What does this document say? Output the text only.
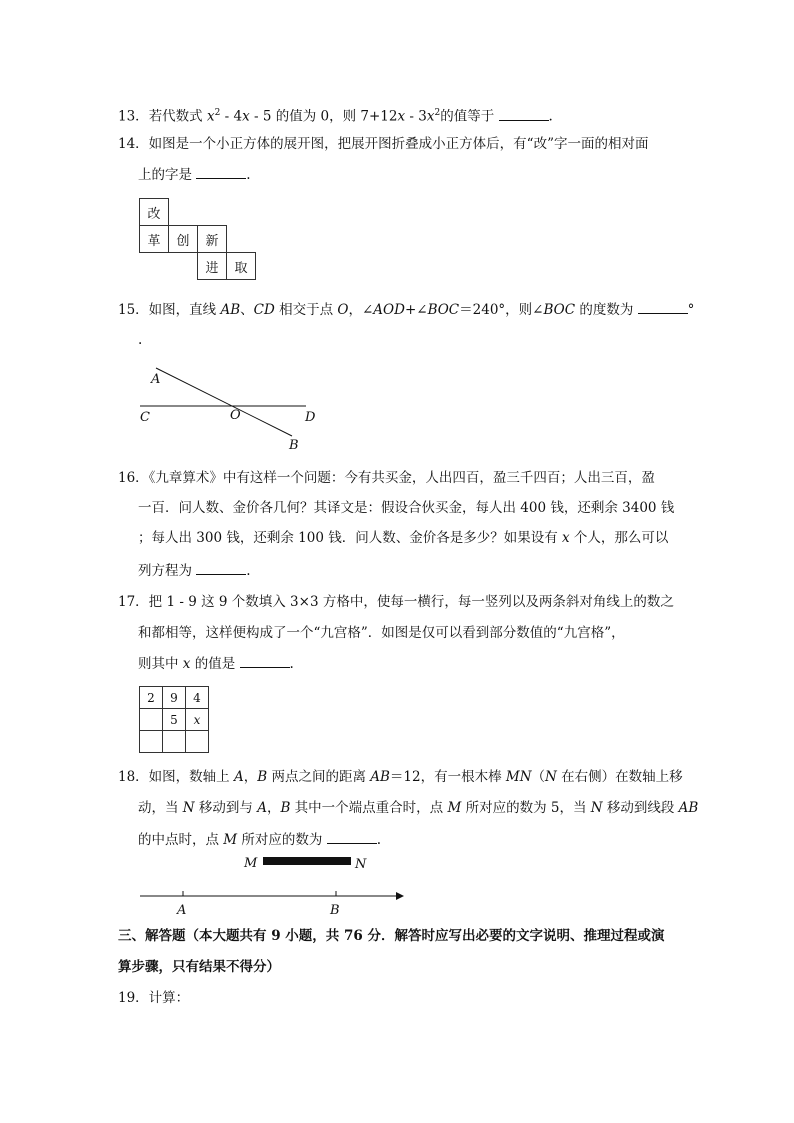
13．若代数式 $x^2 - 4x - 5$ 的值为 0，则 $7+12x - 3x^2$的值等于	.
14．如图是一个小正方体的展开图，把展开图折叠成小正方体后，有“改”字一面的相对面
上的字是	.
改			
革	创	新	
		进	取
15．如图，直线 AB、CD 相交于点 O，∠AOD+∠BOC＝240°，则∠BOC 的度数为	°
.
A
C	O	D
B
16．《九章算术》中有这样一个问题：今有共买金，人出四百，盈三千四百；人出三百，盈
一百．问人数、金价各几何？其译文是：假设合伙买金，每人出 400 钱，还剩余 3400 钱
；每人出 300 钱，还剩余 100 钱．问人数、金价各是多少？如果设有 x 个人，那么可以
列方程为	.
17．把 1 - 9 这 9 个数填入 3×3 方格中，使每一横行，每一竖列以及两条斜对角线上的数之
和都相等，这样便构成了一个“九宫格”．如图是仅可以看到部分数值的“九宫格”，
则其中 x 的值是	.
2	9	4
	5	x

18．如图，数轴上 A，B 两点之间的距离 AB＝12，有一根木棒 MN（N 在右侧）在数轴上移
动，当 N 移动到与 A，B 其中一个端点重合时，点 M 所对应的数为 5，当 N 移动到线段 AB
的中点时，点 M 所对应的数为	.
M	N
A	B
三、解答题（本大题共有 9 小题，共 76 分．解答时应写出必要的文字说明、推理过程或演
算步骤，只有结果不得分）
19．计算：
